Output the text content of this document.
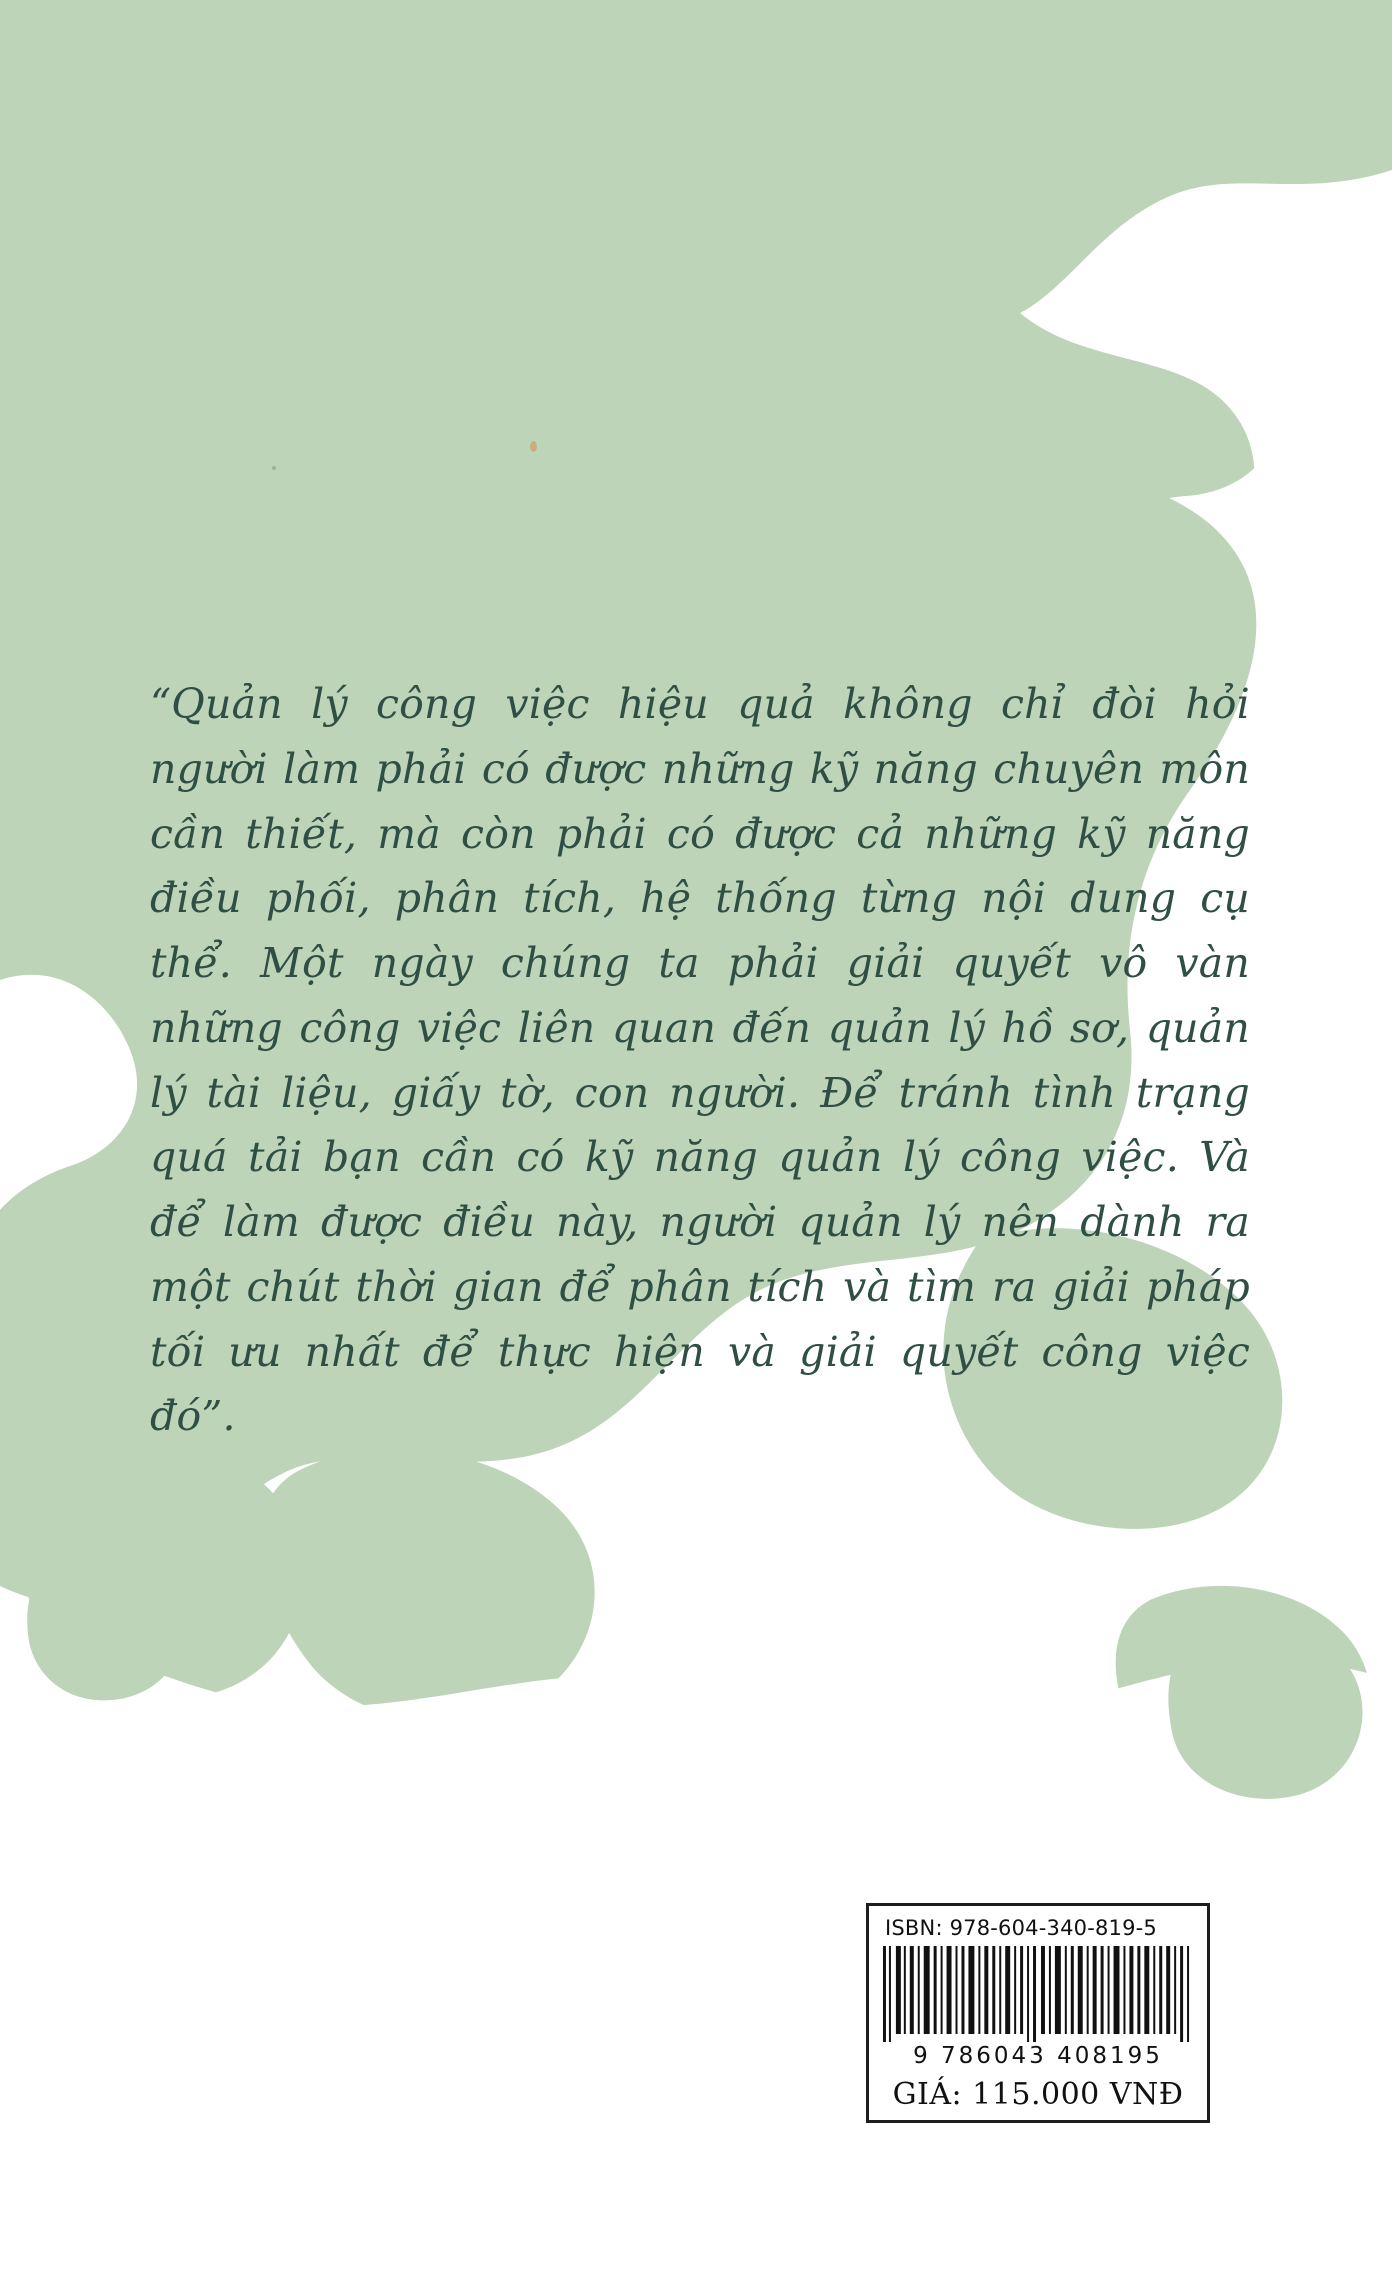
“Quản lý công việc hiệu quả không chỉ đòi hỏi người làm phải có được những kỹ năng chuyên môn cần thiết, mà còn phải có được cả những kỹ năng điều phối, phân tích, hệ thống từng nội dung cụ thể. Một ngày chúng ta phải giải quyết vô vàn những công việc liên quan đến quản lý hồ sơ, quản lý tài liệu, giấy tờ, con người. Để tránh tình trạng quá tải bạn cần có kỹ năng quản lý công việc. Và để làm được điều này, người quản lý nên dành ra một chút thời gian để phân tích và tìm ra giải pháp tối ưu nhất để thực hiện và giải quyết công việc đó”.

ISBN: 978-604-340-819-5
9 786043 408195
GIÁ: 115.000 VNĐ
